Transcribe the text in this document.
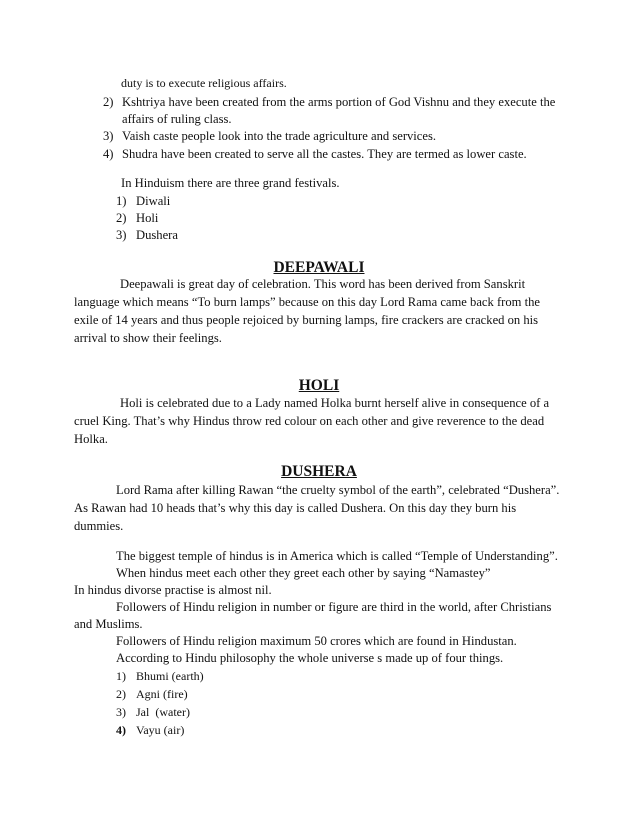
duty is to execute religious affairs.
2) Kshtriya have been created from the arms portion of God Vishnu and they execute the
affairs of ruling class.
3) Vaish caste people look into the trade agriculture and services.
4) Shudra have been created to serve all the castes. They are termed as lower caste.
In Hinduism there are three grand festivals.
1) Diwali
2) Holi
3) Dushera
DEEPAWALI
Deepawali is great day of celebration. This word has been derived from Sanskrit
language which means “To burn lamps” because on this day Lord Rama came back from the
exile of 14 years and thus people rejoiced by burning lamps, fire crackers are cracked on his
arrival to show their feelings.
HOLI
Holi is celebrated due to a Lady named Holka burnt herself alive in consequence of a
cruel King. That’s why Hindus throw red colour on each other and give reverence to the dead
Holka.
DUSHERA
Lord Rama after killing Rawan “the cruelty symbol of the earth”, celebrated “Dushera”.
As Rawan had 10 heads that’s why this day is called Dushera. On this day they burn his
dummies.
The biggest temple of hindus is in America which is called “Temple of Understanding”.
When hindus meet each other they greet each other by saying “Namastey”
In hindus divorse practise is almost nil.
Followers of Hindu religion in number or figure are third in the world, after Christians
and Muslims.
Followers of Hindu religion maximum 50 crores which are found in Hindustan.
According to Hindu philosophy the whole universe s made up of four things.
1) Bhumi (earth)
2) Agni (fire)
3) Jal  (water)
4) Vayu (air)
